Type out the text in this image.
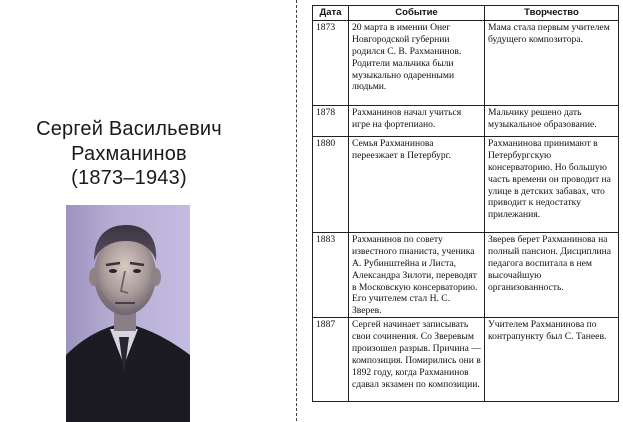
Сергей Васильевич
Рахманинов
(1873–1943)
Дата	Событие	Творчество
1873	20 марта в имении Онег Новгородской губернии родился С. В. Рахманинов. Родители мальчика были музыкально одаренными людьми.	Мама стала первым учителем будущего композитора.
1878	Рахманинов начал учиться игре на фортепиано.	Мальчику решено дать музыкальное образование.
1880	Семья Рахманинова переезжает в Петербург.	Рахманинова принимают в Петербургскую консерваторию. Но большую часть времени он проводит на улице в детских забавах, что приводит к недостатку прилежания.
1883	Рахманинов по совету известного пианиста, ученика А. Рубинштейна и Листа, Александра Зилоти, переводят в Московскую консерваторию. Его учителем стал Н. С. Зверев.	Зверев берет Рахманинова на полный пансион. Дисциплина педагога воспитала в нем высочайшую организованность.
1887	Сергей начинает записывать свои сочинения. Со Зверевым произошел разрыв. Причина — композиция. Помирились они в 1892 году, когда Рахманинов сдавал экзамен по композиции.	Учителем Рахманинова по контрапункту был С. Танеев.
